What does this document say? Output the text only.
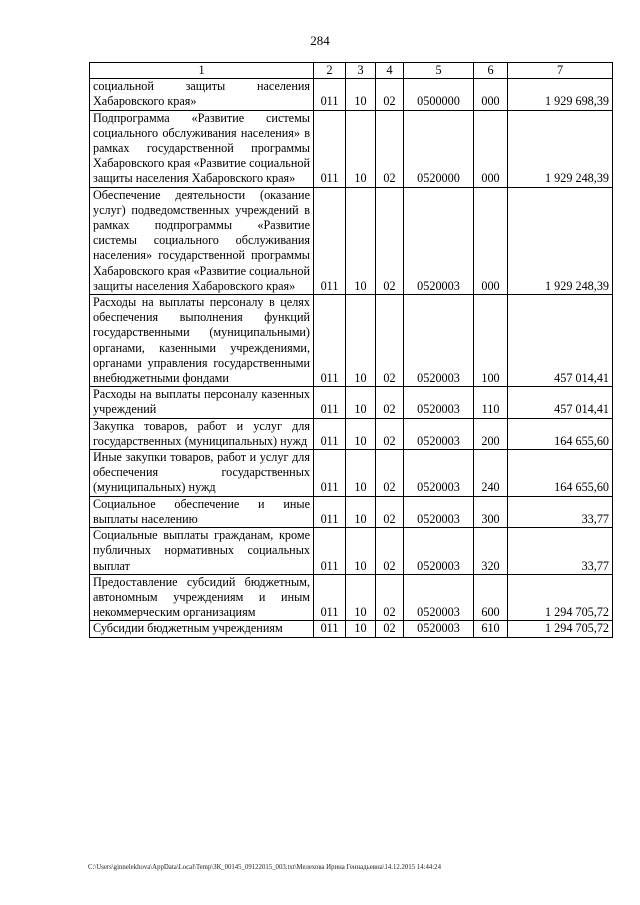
284
1	2	3	4	5	6	7
социальной защиты населения Хабаровского края»	011	10	02	0500000	000	1 929 698,39
Подпрограмма «Развитие системы социального обслуживания населения» в рамках государственной программы Хабаровского края «Развитие социальной защиты населения Хабаровского края»	011	10	02	0520000	000	1 929 248,39
Обеспечение деятельности (оказание услуг) подведомственных учреждений в рамках подпрограммы «Развитие системы социального обслуживания населения» государственной программы Хабаровского края «Развитие социальной защиты населения Хабаровского края»	011	10	02	0520003	000	1 929 248,39
Расходы на выплаты персоналу в целях обеспечения выполнения функций государственными (муниципальными) органами, казенными учреждениями, органами управления государственными внебюджетными фондами	011	10	02	0520003	100	457 014,41
Расходы на выплаты персоналу казенных учреждений	011	10	02	0520003	110	457 014,41
Закупка товаров, работ и услуг для государственных (муниципальных) нужд	011	10	02	0520003	200	164 655,60
Иные закупки товаров, работ и услуг для обеспечения государственных (муниципальных) нужд	011	10	02	0520003	240	164 655,60
Социальное обеспечение и иные выплаты населению	011	10	02	0520003	300	33,77
Социальные выплаты гражданам, кроме публичных нормативных социальных выплат	011	10	02	0520003	320	33,77
Предоставление субсидий бюджетным, автономным учреждениям и иным некоммерческим организациям	011	10	02	0520003	600	1 294 705,72
Субсидии бюджетным учреждениям	011	10	02	0520003	610	1 294 705,72
C:\Users\ginnelekhova\AppData\Local\Temp\ЗК_00145_09122015_003.txt\Мелехова Ирина Геннадьевна\14.12.2015 14:44:24
